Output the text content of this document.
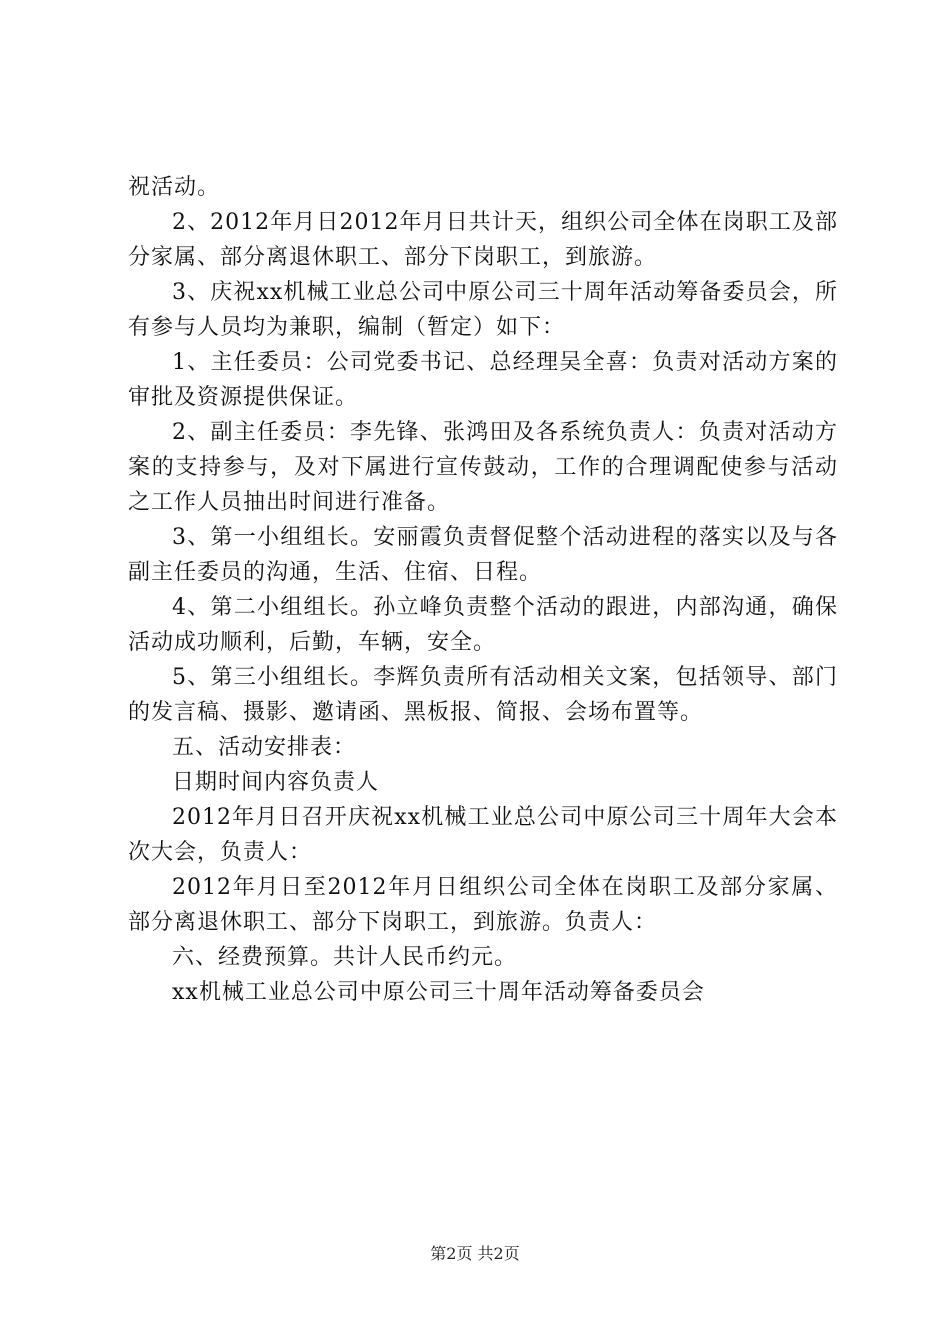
祝活动。

2、2012年月日2012年月日共计天，组织公司全体在岗职工及部分家属、部分离退休职工、部分下岗职工，到旅游。

3、庆祝xx机械工业总公司中原公司三十周年活动筹备委员会，所有参与人员均为兼职，编制（暂定）如下：

1、主任委员：公司党委书记、总经理吴全喜：负责对活动方案的审批及资源提供保证。

2、副主任委员：李先锋、张鸿田及各系统负责人：负责对活动方案的支持参与，及对下属进行宣传鼓动，工作的合理调配使参与活动之工作人员抽出时间进行准备。

3、第一小组组长。安丽霞负责督促整个活动进程的落实以及与各副主任委员的沟通，生活、住宿、日程。

4、第二小组组长。孙立峰负责整个活动的跟进，内部沟通，确保活动成功顺利，后勤，车辆，安全。

5、第三小组组长。李辉负责所有活动相关文案，包括领导、部门的发言稿、摄影、邀请函、黑板报、简报、会场布置等。

五、活动安排表：

日期时间内容负责人

2012年月日召开庆祝xx机械工业总公司中原公司三十周年大会本次大会，负责人：

2012年月日至2012年月日组织公司全体在岗职工及部分家属、部分离退休职工、部分下岗职工，到旅游。负责人：

六、经费预算。共计人民币约元。

xx机械工业总公司中原公司三十周年活动筹备委员会

第2页 共2页
